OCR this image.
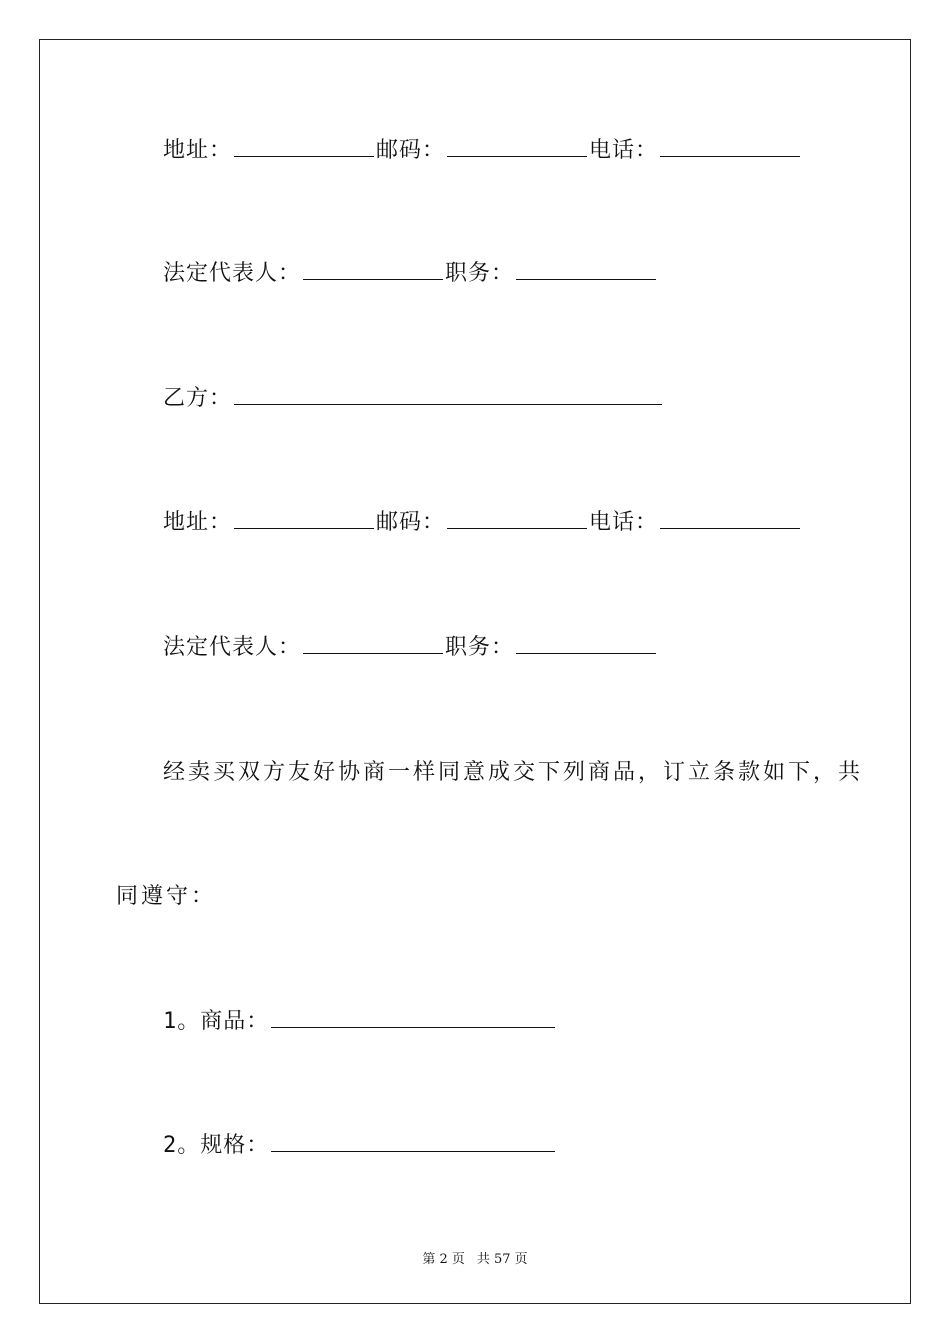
地址：	邮码：	电话：
法定代表人：	职务：
乙方：
地址：	邮码：	电话：
法定代表人：	职务：
经卖买双方友好协商一样同意成交下列商品，订立条款如下，共
同遵守：
1。商品：
2。规格：
第 2 页 共 57 页
